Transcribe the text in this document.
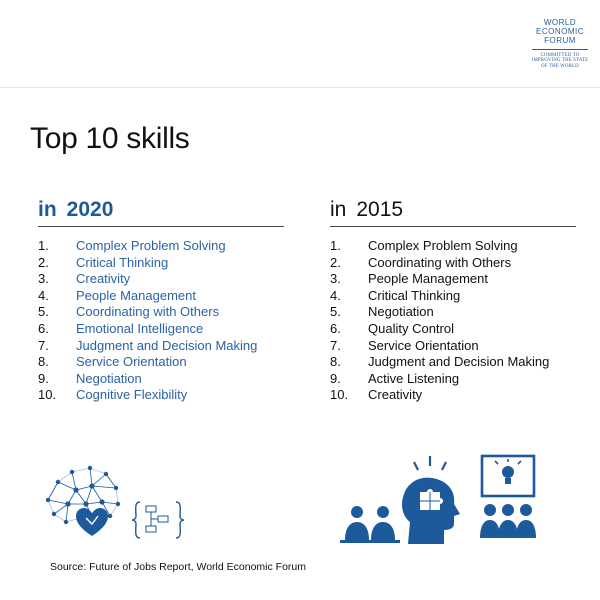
WORLD
ECONOMIC
FORUM
COMMITTED TO
IMPROVING THE STATE
OF THE WORLD
Top 10 skills
in 2020
1. Complex Problem Solving
2. Critical Thinking
3. Creativity
4. People Management
5. Coordinating with Others
6. Emotional Intelligence
7. Judgment and Decision Making
8. Service Orientation
9. Negotiation
10. Cognitive Flexibility
in 2015
1. Complex Problem Solving
2. Coordinating with Others
3. People Management
4. Critical Thinking
5. Negotiation
6. Quality Control
7. Service Orientation
8. Judgment and Decision Making
9. Active Listening
10. Creativity
Source: Future of Jobs Report, World Economic Forum
